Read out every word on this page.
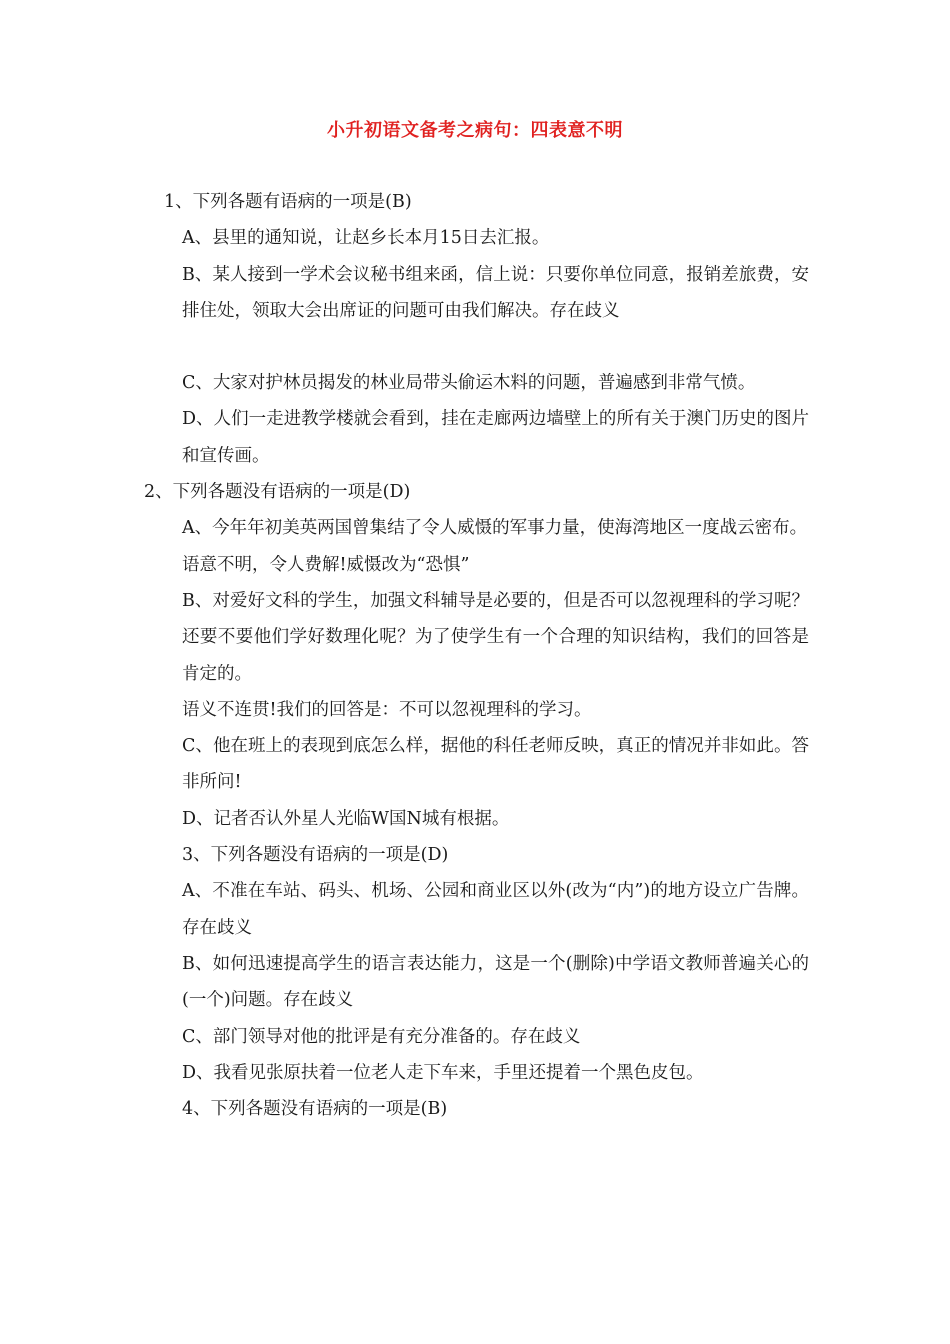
小升初语文备考之病句：四表意不明

1、下列各题有语病的一项是(B)

A、县里的通知说，让赵乡长本月15日去汇报。

B、某人接到一学术会议秘书组来函，信上说：只要你单位同意，报销差旅费，安排住处，领取大会出席证的问题可由我们解决。存在歧义

C、大家对护林员揭发的林业局带头偷运木料的问题，普遍感到非常气愤。

D、人们一走进教学楼就会看到，挂在走廊两边墙壁上的所有关于澳门历史的图片和宣传画。

2、下列各题没有语病的一项是(D)

A、今年年初美英两国曾集结了令人威慑的军事力量，使海湾地区一度战云密布。

语意不明，令人费解!威慑改为“恐惧”

B、对爱好文科的学生，加强文科辅导是必要的，但是否可以忽视理科的学习呢？还要不要他们学好数理化呢？为了使学生有一个合理的知识结构，我们的回答是肯定的。

语义不连贯!我们的回答是：不可以忽视理科的学习。

C、他在班上的表现到底怎么样，据他的科任老师反映，真正的情况并非如此。答非所问!

D、记者否认外星人光临W国N城有根据。

3、下列各题没有语病的一项是(D)

A、不准在车站、码头、机场、公园和商业区以外(改为“内”)的地方设立广告牌。存在歧义

B、如何迅速提高学生的语言表达能力，这是一个(删除)中学语文教师普遍关心的(一个)问题。存在歧义

C、部门领导对他的批评是有充分准备的。存在歧义

D、我看见张原扶着一位老人走下车来，手里还提着一个黑色皮包。

4、下列各题没有语病的一项是(B)
